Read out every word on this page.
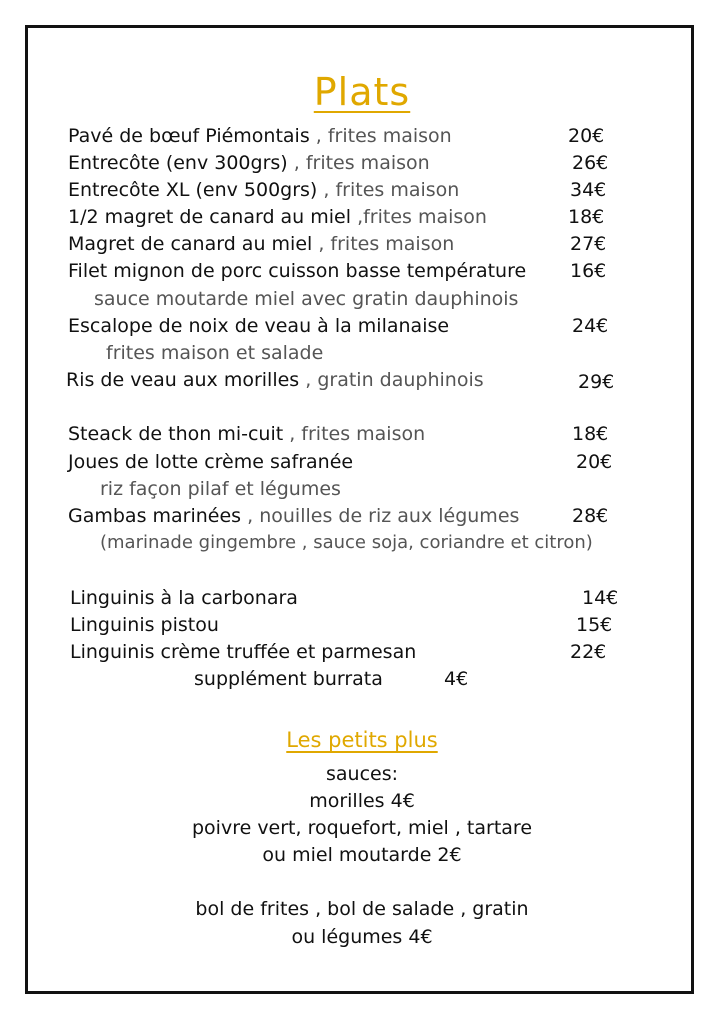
Plats
Pavé de bœuf Piémontais , frites maison	20€
Entrecôte (env 300grs) , frites maison	26€
Entrecôte XL (env 500grs) , frites maison	34€
1/2 magret de canard au miel ,frites maison	18€
Magret de canard au miel , frites maison	27€
Filet mignon de porc cuisson basse température 16€
sauce moutarde miel avec gratin dauphinois
Escalope de noix de veau à la milanaise	24€
frites maison et salade
Ris de veau aux morilles , gratin dauphinois	29€
Steack de thon mi-cuit , frites maison	18€
Joues de lotte crème safranée	20€
riz façon pilaf et légumes
Gambas marinées , nouilles de riz aux légumes	28€
(marinade gingembre , sauce soja, coriandre et citron)
Linguinis à la carbonara	14€
Linguinis pistou	15€
Linguinis crème truffée et parmesan	22€
supplément burrata	4€
Les petits plus
sauces:
morilles 4€
poivre vert, roquefort, miel , tartare
ou miel moutarde 2€
bol de frites , bol de salade , gratin
ou légumes 4€
